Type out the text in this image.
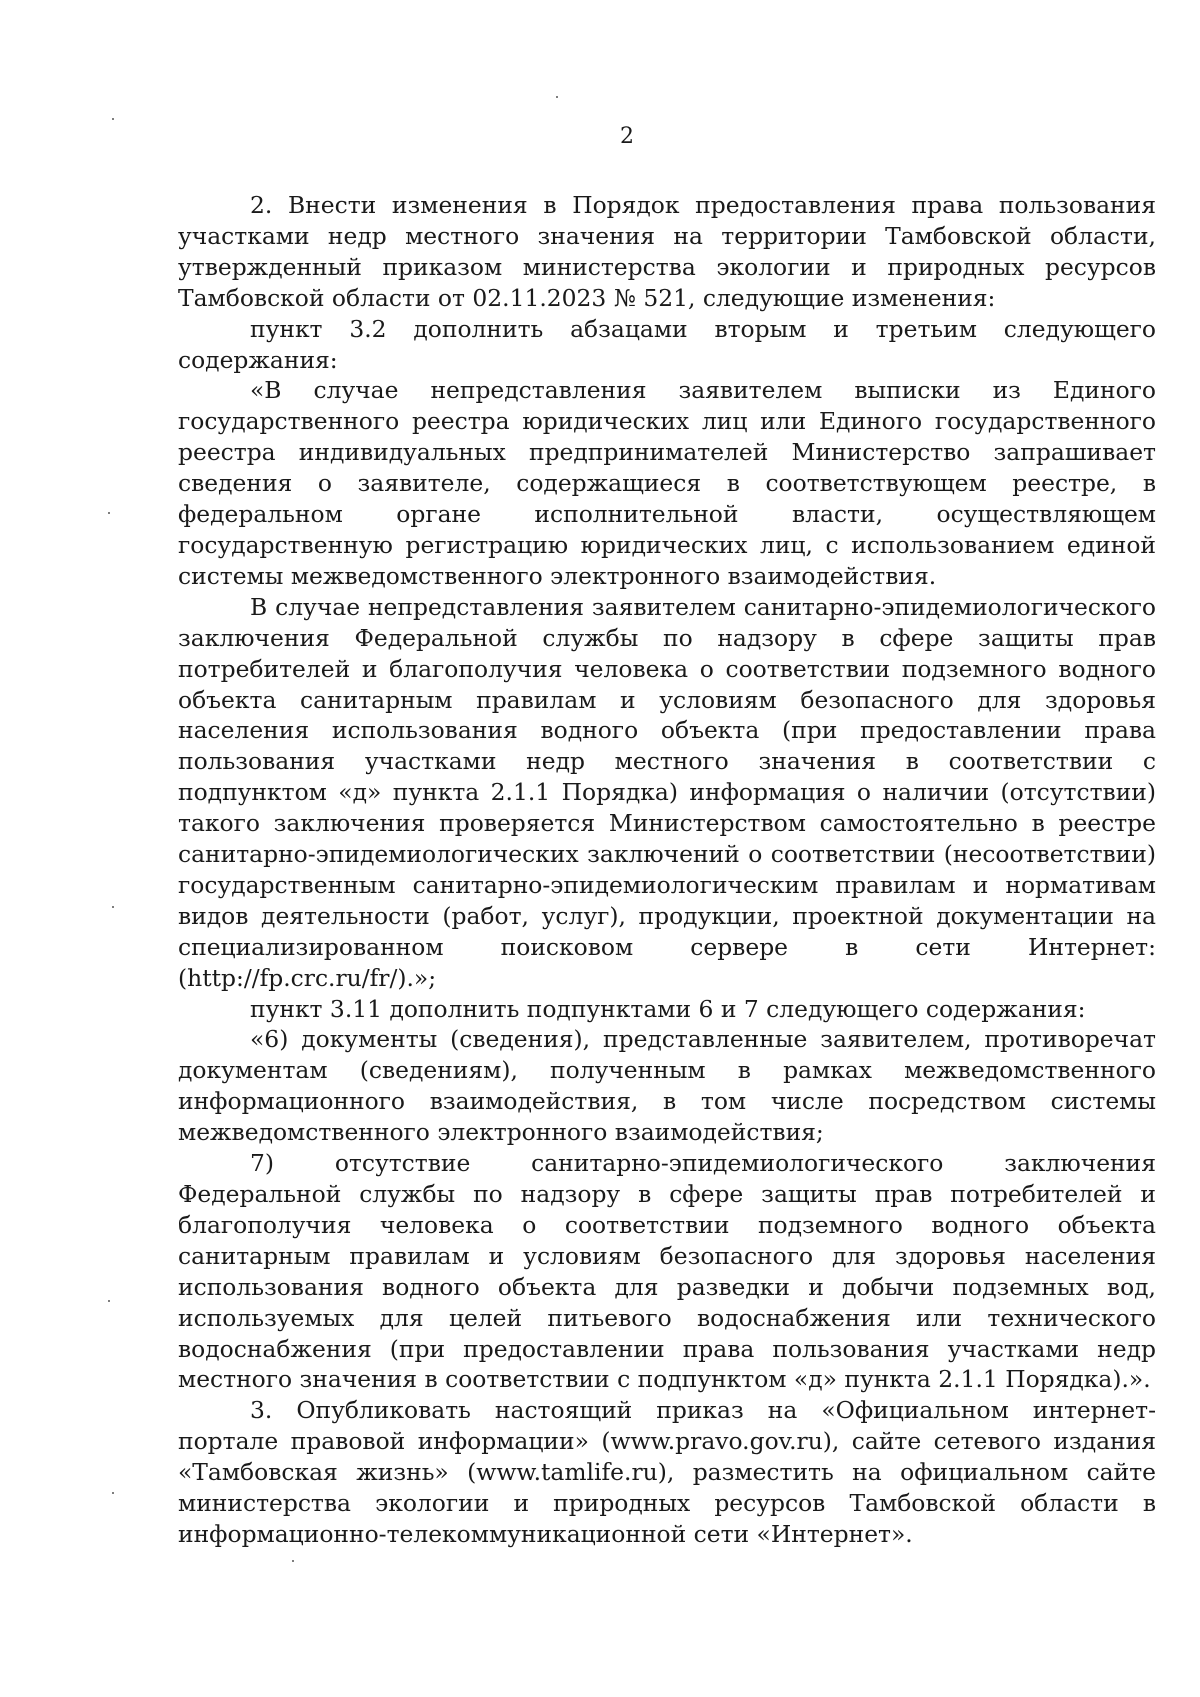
2

2. Внести изменения в Порядок предоставления права пользования участками недр местного значения на территории Тамбовской области, утвержденный приказом министерства экологии и природных ресурсов Тамбовской области от 02.11.2023 № 521, следующие изменения:

пункт 3.2 дополнить абзацами вторым и третьим следующего содержания:

«В случае непредставления заявителем выписки из Единого государственного реестра юридических лиц или Единого государственного реестра индивидуальных предпринимателей Министерство запрашивает сведения о заявителе, содержащиеся в соответствующем реестре, в федеральном органе исполнительной власти, осуществляющем государственную регистрацию юридических лиц, с использованием единой системы межведомственного электронного взаимодействия.

В случае непредставления заявителем санитарно-эпидемиологического заключения Федеральной службы по надзору в сфере защиты прав потребителей и благополучия человека о соответствии подземного водного объекта санитарным правилам и условиям безопасного для здоровья населения использования водного объекта (при предоставлении права пользования участками недр местного значения в соответствии с подпунктом «д» пункта 2.1.1 Порядка) информация о наличии (отсутствии) такого заключения проверяется Министерством самостоятельно в реестре санитарно-эпидемиологических заключений о соответствии (несоответствии) государственным санитарно-эпидемиологическим правилам и нормативам видов деятельности (работ, услуг), продукции, проектной документации на специализированном поисковом сервере в сети Интернет: (http://fp.crc.ru/fr/).»;

пункт 3.11 дополнить подпунктами 6 и 7 следующего содержания:

«6) документы (сведения), представленные заявителем, противоречат документам (сведениям), полученным в рамках межведомственного информационного взаимодействия, в том числе посредством системы межведомственного электронного взаимодействия;

7) отсутствие санитарно-эпидемиологического заключения Федеральной службы по надзору в сфере защиты прав потребителей и благополучия человека о соответствии подземного водного объекта санитарным правилам и условиям безопасного для здоровья населения использования водного объекта для разведки и добычи подземных вод, используемых для целей питьевого водоснабжения или технического водоснабжения (при предоставлении права пользования участками недр местного значения в соответствии с подпунктом «д» пункта 2.1.1 Порядка).».

3. Опубликовать настоящий приказ на «Официальном интернет-портале правовой информации» (www.pravo.gov.ru), сайте сетевого издания «Тамбовская жизнь» (www.tamlife.ru), разместить на официальном сайте министерства экологии и природных ресурсов Тамбовской области в информационно-телекоммуникационной сети «Интернет».
